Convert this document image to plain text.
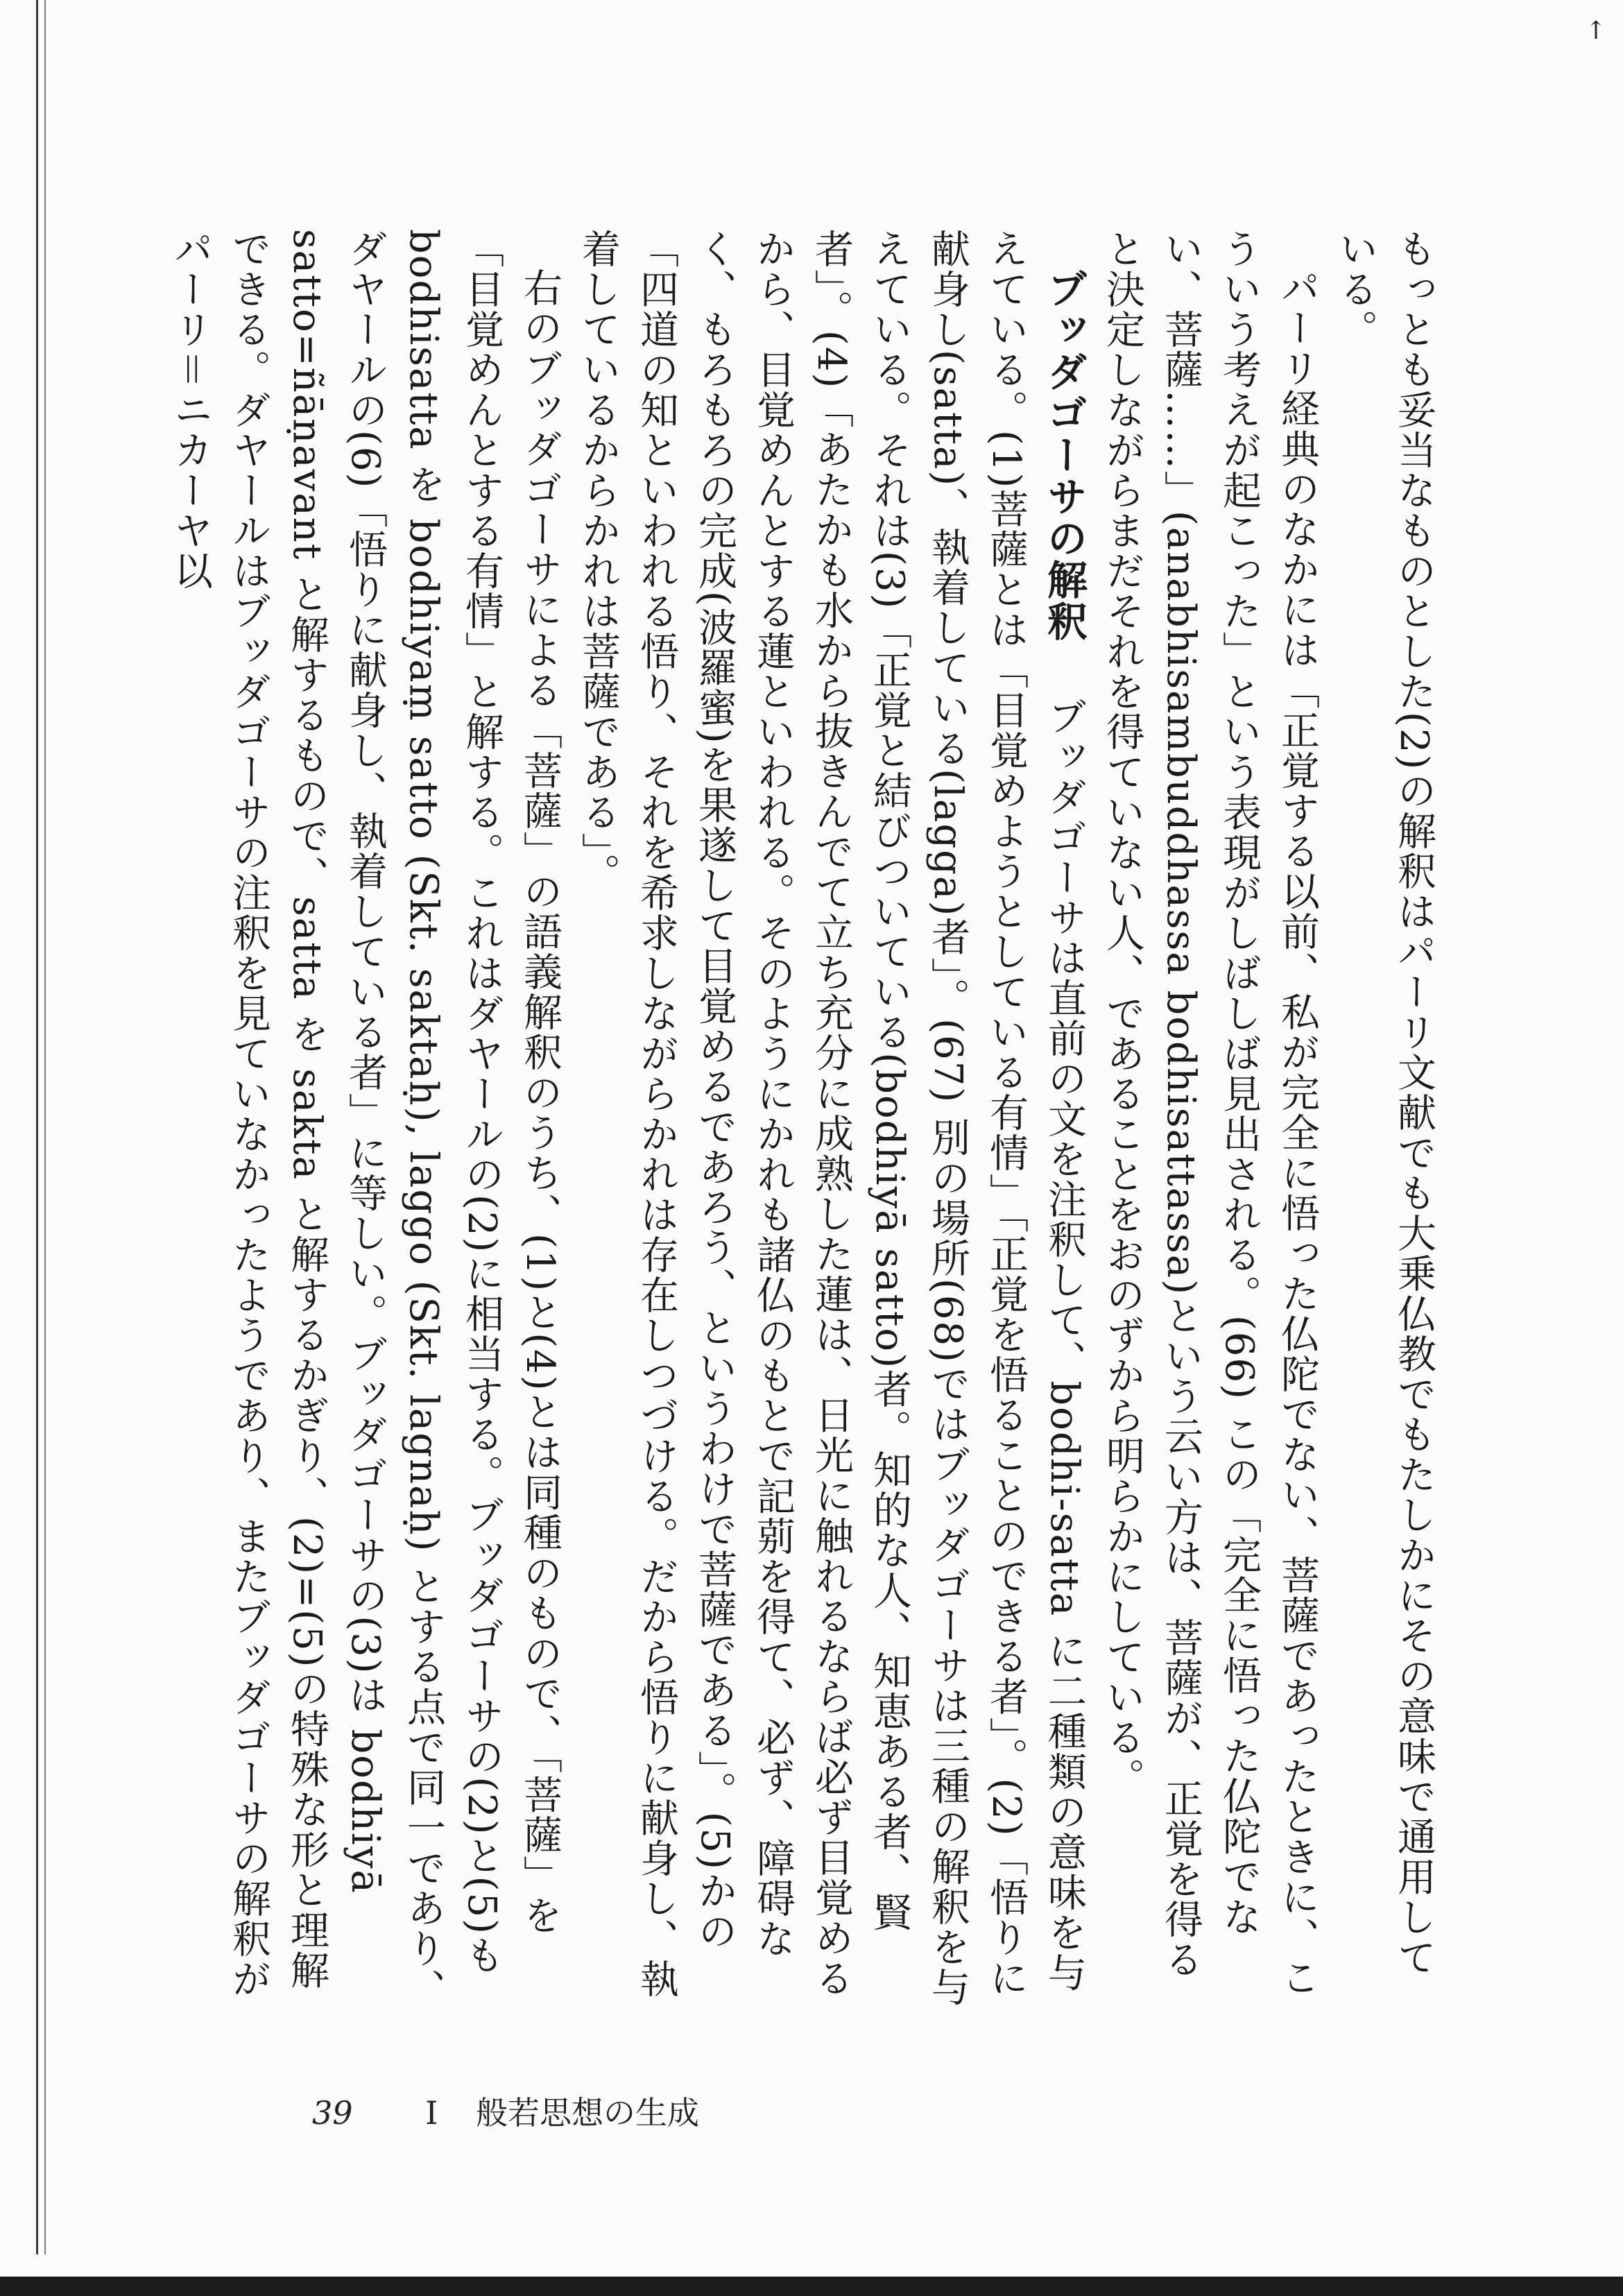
↑

もっとも妥当なものとした(2)の解釈はパーリ文献でも大乗仏教でもたしかにその意味で通用している。

パーリ経典のなかには「正覚する以前、私が完全に悟った仏陀でない、菩薩であったときに、こういう考えが起こった」という表現がしばしば見出される。(66) この「完全に悟った仏陀でない、菩薩……」(anabhisambuddhassa bodhisattassa)という云い方は、菩薩が、正覚を得ると決定しながらまだそれを得ていない人、であることをおのずから明らかにしている。

ブッダゴーサの解釈ブッダゴーサは直前の文を注釈して、bodhi-satta に二種類の意味を与えている。(1)菩薩とは「目覚めようとしている有情」「正覚を悟ることのできる者」。(2)「悟りに献身し(satta)、執着している(lagga)者」。(67) 別の場所(68)ではブッダゴーサは三種の解釈を与えている。それは(3)「正覚と結びついている(bodhiyā satto)者。知的な人、知恵ある者、賢者」。(4)「あたかも水から抜きんでて立ち充分に成熟した蓮は、日光に触れるならば必ず目覚めるから、目覚めんとする蓮といわれる。そのようにかれも諸仏のもとで記莂を得て、必ず、障碍なく、もろもろの完成(波羅蜜)を果遂して目覚めるであろう、というわけで菩薩である」。(5)かの「四道の知といわれる悟り、それを希求しながらかれは存在しつづける。だから悟りに献身し、執着しているからかれは菩薩である」。

右のブッダゴーサによる「菩薩」の語義解釈のうち、(1)と(4)とは同種のもので、「菩薩」を「目覚めんとする有情」と解する。これはダヤールの(2)に相当する。ブッダゴーサの(2)と(5)も bodhisatta を bodhiyaṃ satto (Skt. saktaḥ), laggo (Skt. lagnaḥ) とする点で同一であり、ダヤールの(6)「悟りに献身し、執着している者」に等しい。ブッダゴーサの(3)は bodhiyā satto=ñāṇavant と解するもので、satta を sakta と解するかぎり、(2)=(5)の特殊な形と理解できる。ダヤールはブッダゴーサの注釈を見ていなかったようであり、またブッダゴーサの解釈がパーリ＝ニカーヤ以

39 I 般若思想の生成
